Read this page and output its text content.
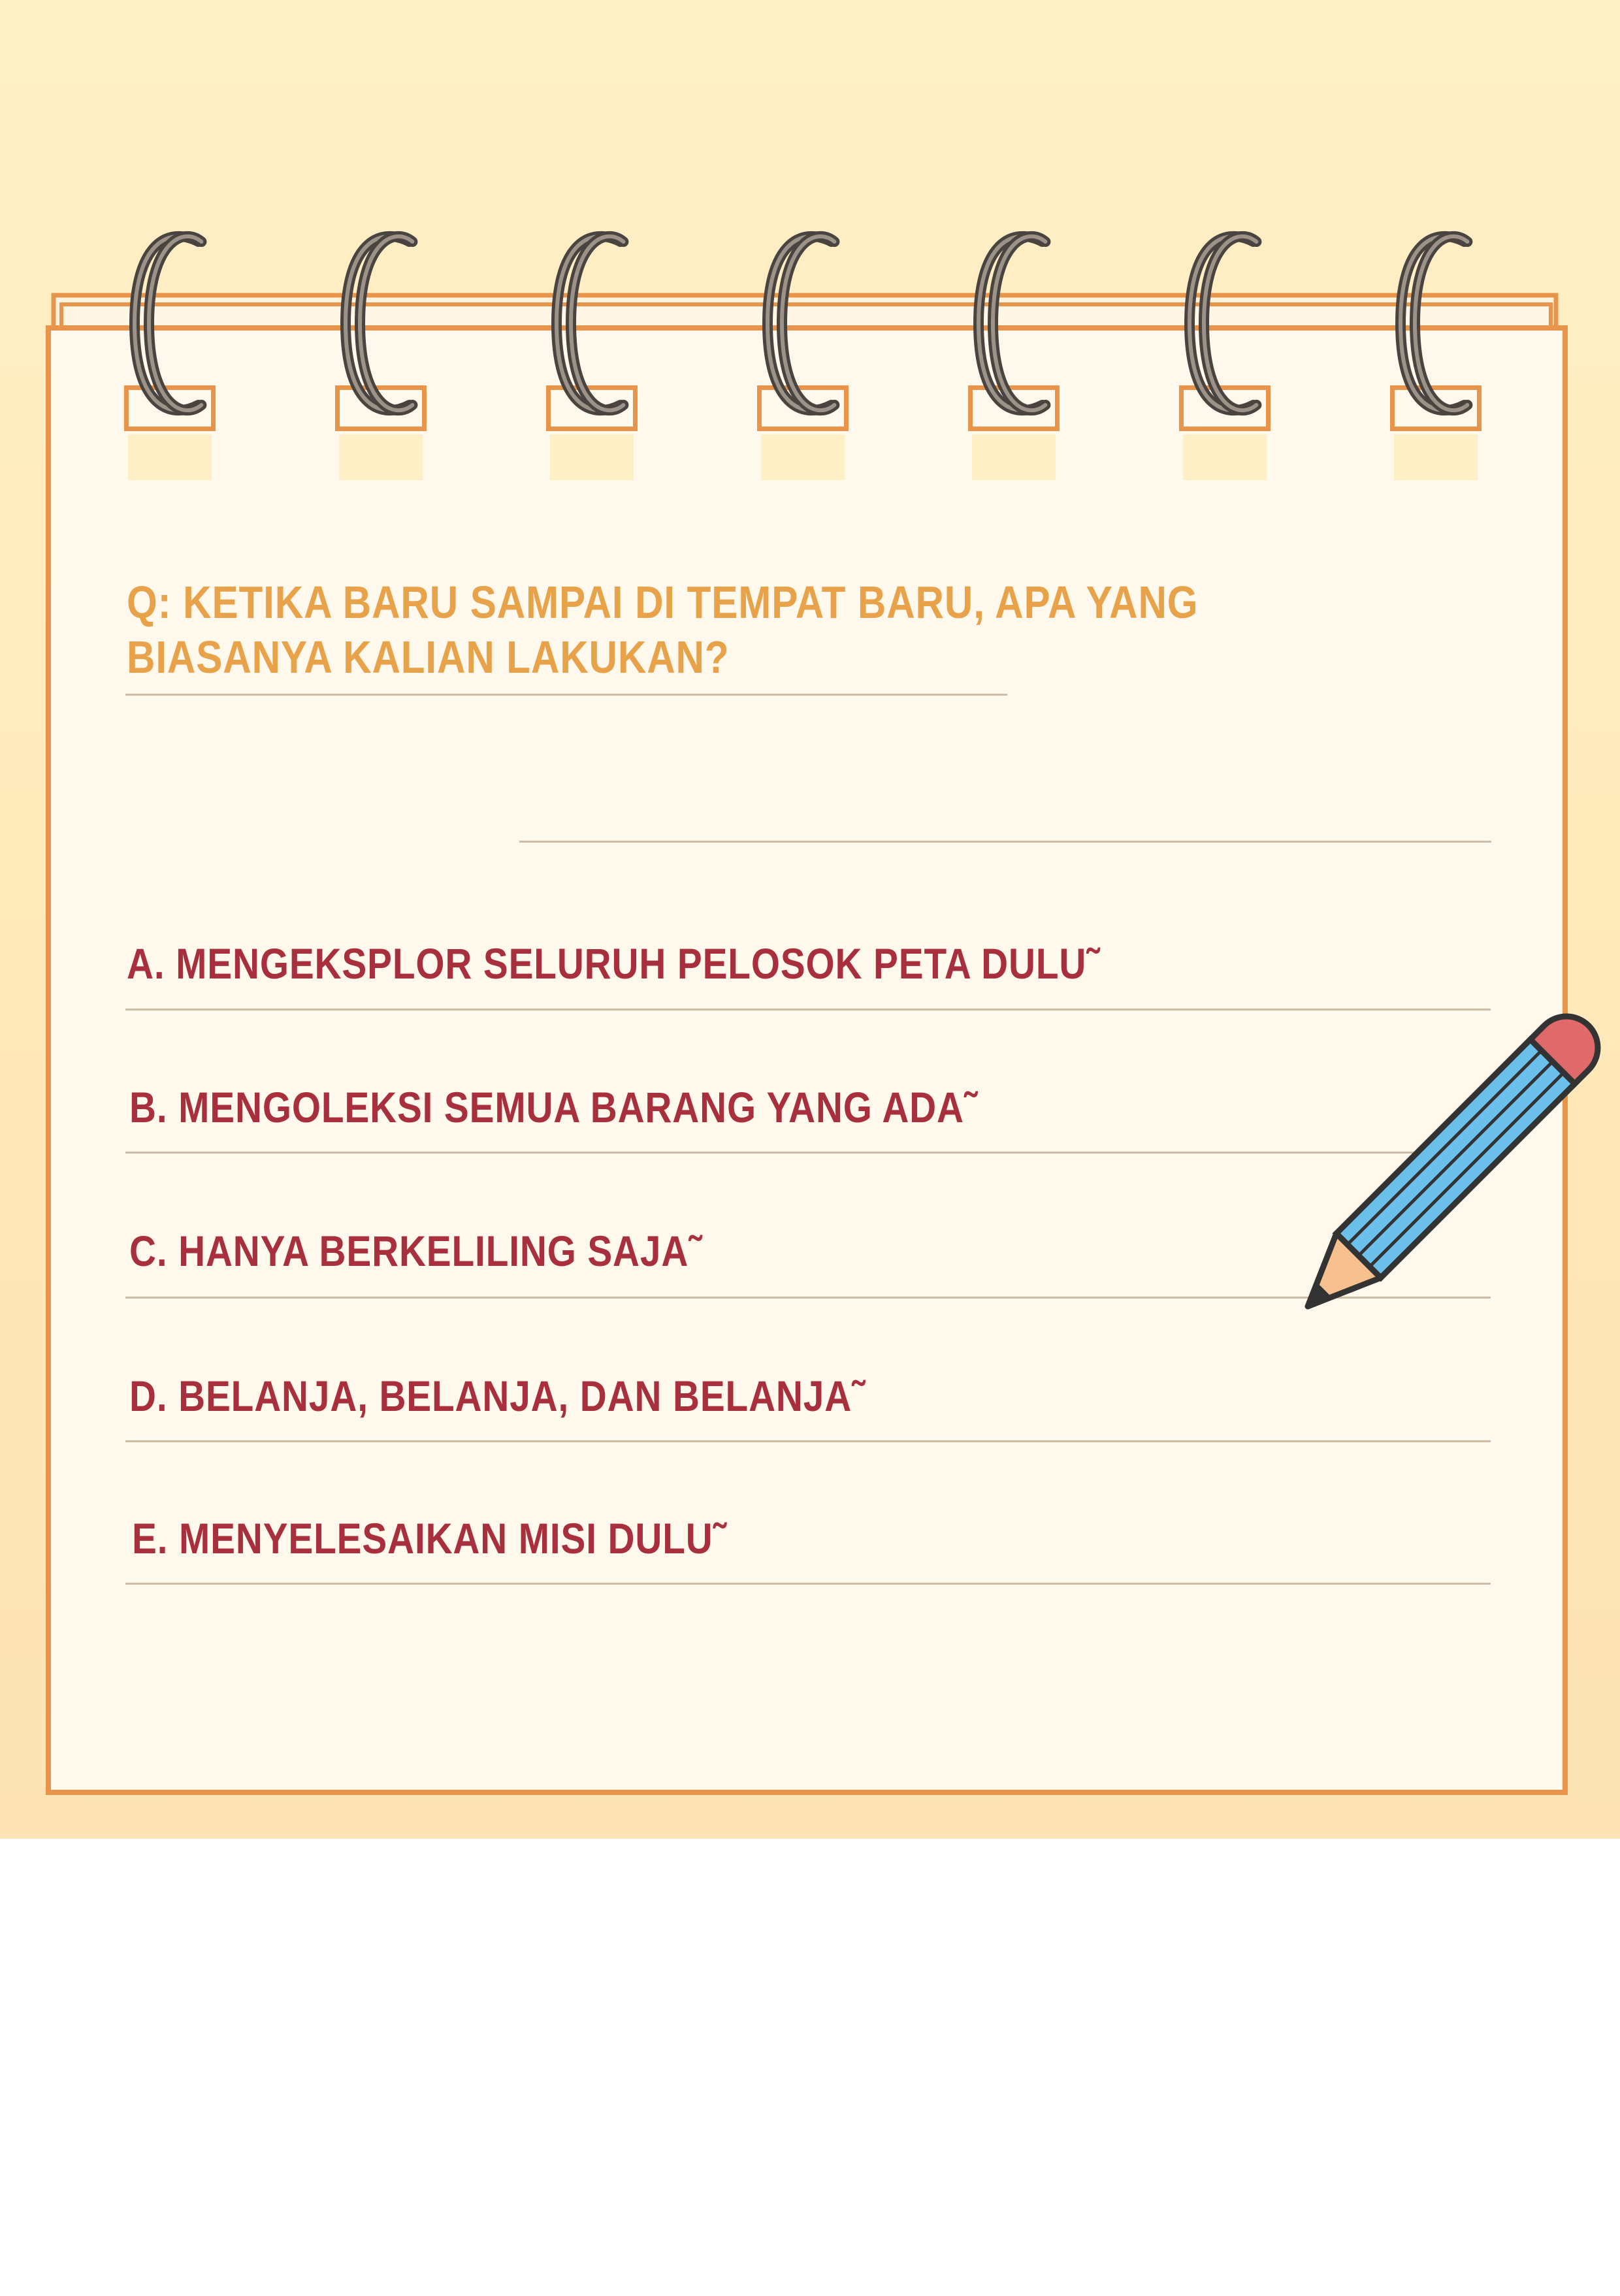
Q: KETIKA BARU SAMPAI DI TEMPAT BARU, APA YANG
BIASANYA KALIAN LAKUKAN?
A. MENGEKSPLOR SELURUH PELOSOK PETA DULU˜
B. MENGOLEKSI SEMUA BARANG YANG ADA˜
C. HANYA BERKELILING SAJA˜
D. BELANJA, BELANJA, DAN BELANJA˜
E. MENYELESAIKAN MISI DULU˜
